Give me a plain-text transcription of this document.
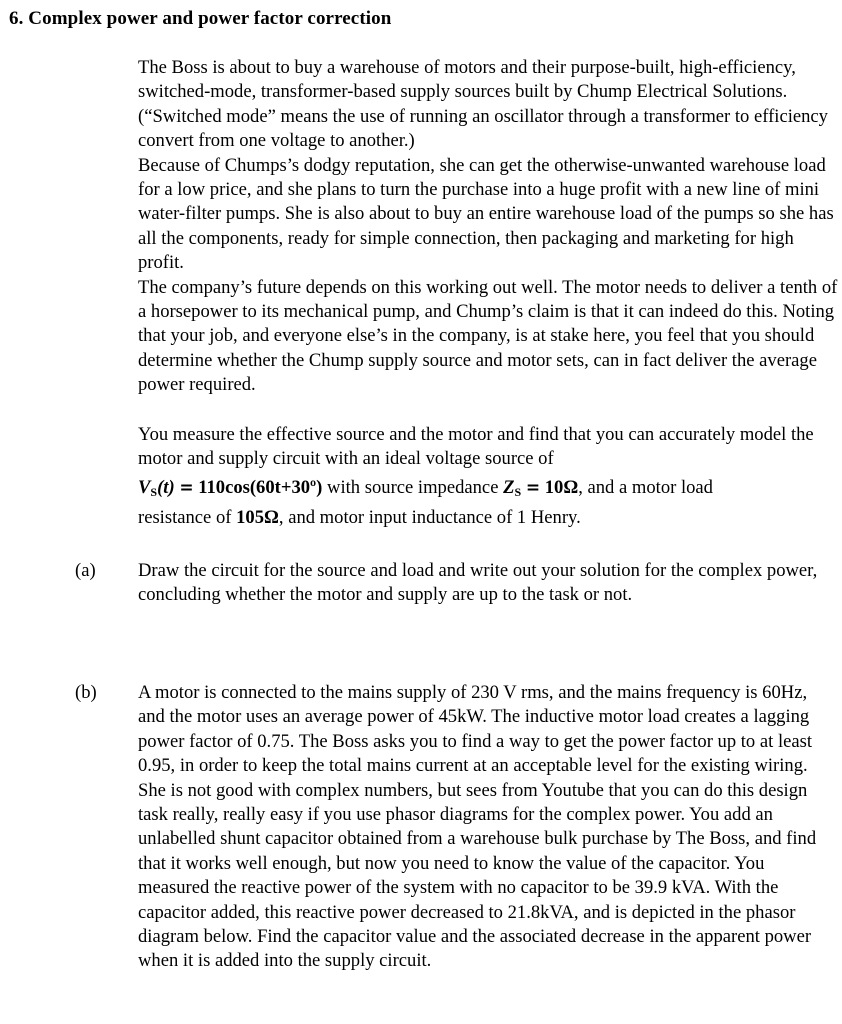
6. Complex power and power factor correction

The Boss is about to buy a warehouse of motors and their purpose-built, high-efficiency, switched-mode, transformer-based supply sources built by Chump Electrical Solutions. (“Switched mode” means the use of running an oscillator through a transformer to efficiency convert from one voltage to another.)

Because of Chumps’s dodgy reputation, she can get the otherwise-unwanted warehouse load for a low price, and she plans to turn the purchase into a huge profit with a new line of mini water-filter pumps. She is also about to buy an entire warehouse load of the pumps so she has all the components, ready for simple connection, then packaging and marketing for high profit.

The company’s future depends on this working out well. The motor needs to deliver a tenth of a horsepower to its mechanical pump, and Chump’s claim is that it can indeed do this. Noting that your job, and everyone else’s in the company, is at stake here, you feel that you should determine whether the Chump supply source and motor sets, can in fact deliver the average power required.

You measure the effective source and the motor and find that you can accurately model the motor and supply circuit with an ideal voltage source of
$V_S(t)$ = 110cos(60t+30º) with source impedance $Z_S = 10\Omega$, and a motor load
resistance of 105Ω, and motor input inductance of 1 Henry.
(a) Draw the circuit for the source and load and write out your solution for the complex power, concluding whether the motor and supply are up to the task or not.
(b) A motor is connected to the mains supply of 230 V rms, and the mains frequency is 60Hz, and the motor uses an average power of 45kW. The inductive motor load creates a lagging power factor of 0.75. The Boss asks you to find a way to get the power factor up to at least 0.95, in order to keep the total mains current at an acceptable level for the existing wiring. She is not good with complex numbers, but sees from Youtube that you can do this design task really, really easy if you use phasor diagrams for the complex power. You add an unlabelled shunt capacitor obtained from a warehouse bulk purchase by The Boss, and find that it works well enough, but now you need to know the value of the capacitor. You measured the reactive power of the system with no capacitor to be 39.9 kVA. With the capacitor added, this reactive power decreased to 21.8kVA, and is depicted in the phasor diagram below. Find the capacitor value and the associated decrease in the apparent power when it is added into the supply circuit.
